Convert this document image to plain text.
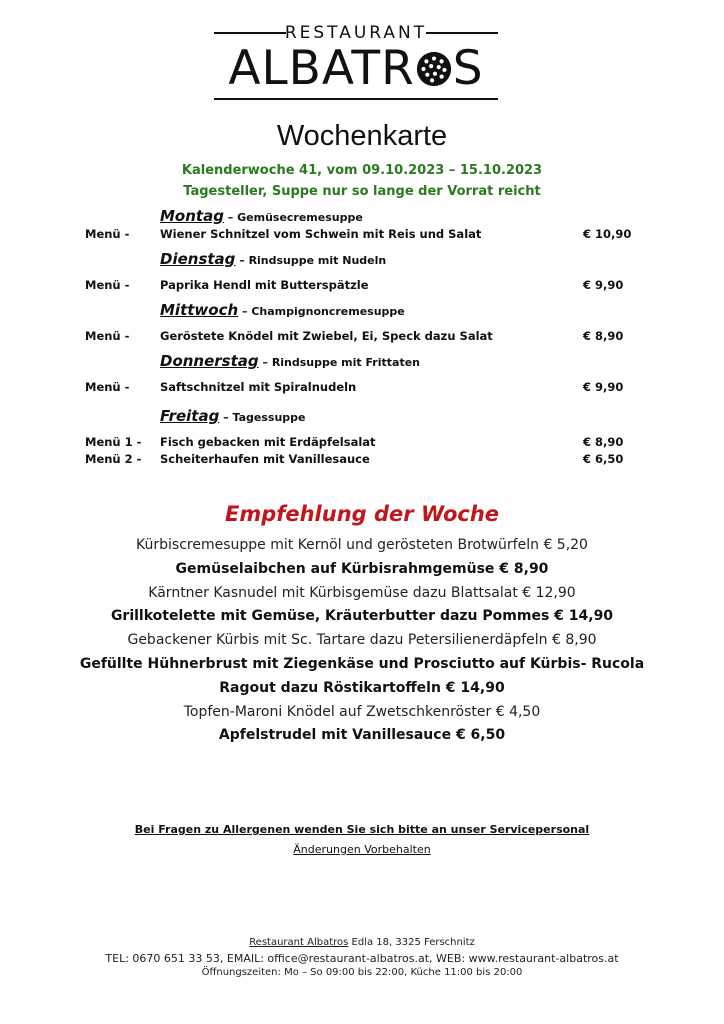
RESTAURANT
ALBATR S
Wochenkarte
Kalenderwoche 41, vom 09.10.2023 – 15.10.2023
Tagesteller, Suppe nur so lange der Vorrat reicht
Montag – Gemüsecremesuppe
Menü -	Wiener Schnitzel vom Schwein mit Reis und Salat	€ 10,90
Dienstag – Rindsuppe mit Nudeln
Menü -	Paprika Hendl mit Butterspätzle	€ 9,90
Mittwoch – Champignoncremesuppe
Menü -	Geröstete Knödel mit Zwiebel, Ei, Speck dazu Salat	€ 8,90
Donnerstag – Rindsuppe mit Frittaten
Menü -	Saftschnitzel mit Spiralnudeln	€ 9,90
Freitag – Tagessuppe
Menü 1 - Fisch gebacken mit Erdäpfelsalat	€ 8,90
Menü 2 - Scheiterhaufen mit Vanillesauce	€ 6,50
Empfehlung der Woche
Kürbiscremesuppe mit Kernöl und gerösteten Brotwürfeln € 5,20
Gemüselaibchen auf Kürbisrahmgemüse € 8,90
Kärntner Kasnudel mit Kürbisgemüse dazu Blattsalat € 12,90
Grillkotelette mit Gemüse, Kräuterbutter dazu Pommes € 14,90
Gebackener Kürbis mit Sc. Tartare dazu Petersilienerdäpfeln € 8,90
Gefüllte Hühnerbrust mit Ziegenkäse und Prosciutto auf Kürbis- Rucola
Ragout dazu Röstikartoffeln € 14,90
Topfen-Maroni Knödel auf Zwetschkenröster € 4,50
Apfelstrudel mit Vanillesauce € 6,50
Bei Fragen zu Allergenen wenden Sie sich bitte an unser Servicepersonal
Änderungen Vorbehalten
Restaurant Albatros Edla 18, 3325 Ferschnitz
TEL: 0670 651 33 53, EMAIL: office@restaurant-albatros.at, WEB: www.restaurant-albatros.at
Öffnungszeiten: Mo – So 09:00 bis 22:00, Küche 11:00 bis 20:00
